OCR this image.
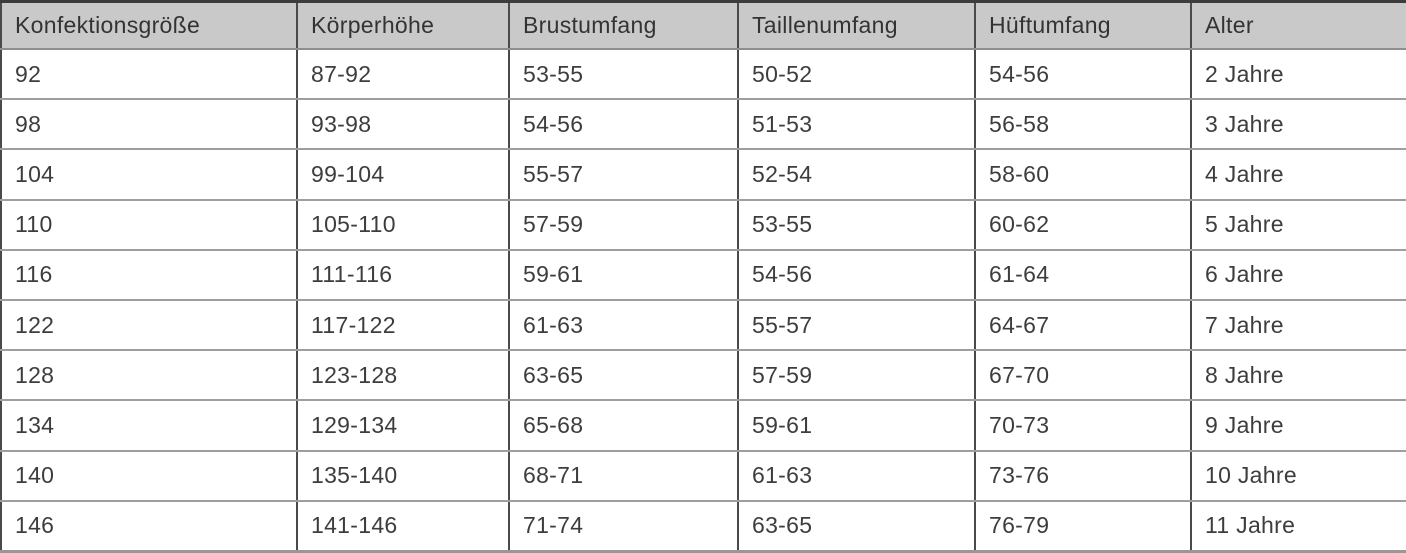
Konfektionsgröße	Körperhöhe	Brustumfang	Taillenumfang	Hüftumfang	Alter
92	87-92	53-55	50-52	54-56	2 Jahre
98	93-98	54-56	51-53	56-58	3 Jahre
104	99-104	55-57	52-54	58-60	4 Jahre
110	105-110	57-59	53-55	60-62	5 Jahre
116	111-116	59-61	54-56	61-64	6 Jahre
122	117-122	61-63	55-57	64-67	7 Jahre
128	123-128	63-65	57-59	67-70	8 Jahre
134	129-134	65-68	59-61	70-73	9 Jahre
140	135-140	68-71	61-63	73-76	10 Jahre
146	141-146	71-74	63-65	76-79	11 Jahre
